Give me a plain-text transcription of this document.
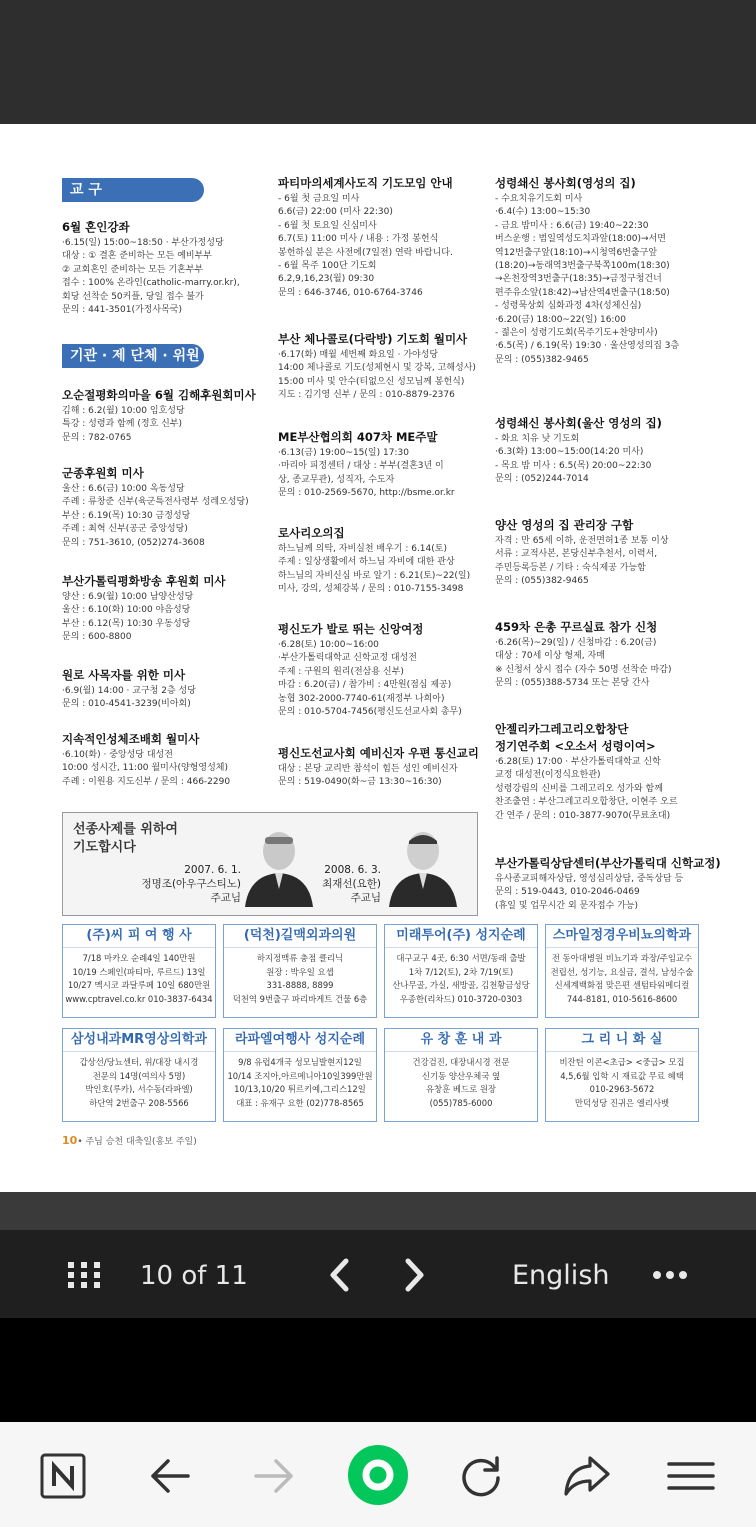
교 구
6월 혼인강좌

·6.15(일) 15:00~18:50 · 부산가정성당

대상 : ① 결혼 준비하는 모든 예비부부

② 교회혼인 준비하는 모든 기혼부부

접수 : 100% 온라인(catholic-marry.or.kr),

회당 선착순 50커플, 당일 접수 불가

문의 : 441-3501(가정사목국)

기관 · 제 단체 · 위원회
오순절평화의마을 6월 김해후원회미사

김해 : 6.2(월) 10:00 임호성당

특강 : 성령과 함께 (정호 신부)

문의 : 782-0765

군종후원회 미사

울산 : 6.6(금) 10:00 옥동성당

주례 : 류창준 신부(육군특전사령부 성레오성당)

부산 : 6.19(목) 10:30 금정성당

주례 : 최혁 신부(공군 중앙성당)

문의 : 751-3610, (052)274-3608

부산가톨릭평화방송 후원회 미사

양산 : 6.9(월) 10:00 남양산성당

울산 : 6.10(화) 10:00 야음성당

부산 : 6.12(목) 10:30 우동성당

문의 : 600-8800

원로 사목자를 위한 미사

·6.9(월) 14:00 · 교구청 2층 성당

문의 : 010-4541-3239(비아회)

지속적인성체조배회 월미사

·6.10(화) · 중앙성당 대성전

10:00 성시간, 11:00 월미사(양형영성체)

주례 : 이원용 지도신부 / 문의 : 466-2290

파티마의세계사도직 기도모임 안내

- 6월 첫 금요일 미사

6.6(금) 22:00 (미사 22:30)

- 6월 첫 토요일 신심미사

6.7(토) 11:00 미사 / 내용 : 가정 봉헌식

봉헌하실 분은 사전에(7일전) 연락 바랍니다.

- 6월 목주 100단 기도회

6.2,9,16,23(월) 09:30

문의 : 646-3746, 010-6764-3746

부산 체나콜로(다락방) 기도회 월미사

·6.17(화) 매월 세번째 화요일 · 가야성당

14:00 체나콜로 기도(성체현시 및 강복, 고해성사)

15:00 미사 및 안수(티없으신 성모님께 봉헌식)

지도 : 김기영 신부 / 문의 : 010-8879-2376

ME부산협의회 407차 ME주말

·6.13(금) 19:00~15(일) 17:30

·마리아 피정센터 / 대상 : 부부(결혼3년 이

상, 종교무관), 성직자, 수도자

문의 : 010-2569-5670, http://bsme.or.kr

로사리오의집

하느님께 의탁, 자비실천 배우기 : 6.14(토)

주제 : 일상생활에서 하느님 자비에 대한 관상

하느님의 자비신심 바로 알기 : 6.21(토)~22(일)

미사, 강의, 성체강복 / 문의 : 010-7155-3498

평신도가 발로 뛰는 신앙여정

·6.28(토) 10:00~16:00

·부산가톨릭대학교 신학교정 대성전

주제 : 구원의 원리(전삼용 신부)

마감 : 6.20(금) / 참가비 : 4만원(점심 제공)

농협 302-2000-7740-61(재정부 나희아)

문의 : 010-5704-7456(평신도선교사회 총무)

평신도선교사회 예비신자 우편 통신교리

대상 : 본당 교리반 참석이 힘든 성인 예비신자

문의 : 519-0490(화~금 13:30~16:30)

성령쇄신 봉사회(영성의 집)

- 수요치유기도회 미사

·6.4(수) 13:00~15:30

- 금요 밤미사 : 6.6(금) 19:40~22:30

버스운행 : 범일역성도치과앞(18:00)→서면

역12번출구앞(18:10)→시청역6번출구앞

(18:20)→동래역3번출구북쪽100m(18:30)

→온천장역3번출구(18:35)→금정구청건너

편주유소앞(18:42)→남산역4번출구(18:50)

- 성령묵상회 심화과정 4차(성체신심)

·6.20(금) 18:00~22(일) 16:00

- 젊은이 성령기도회(목주기도+찬양미사)

·6.5(목) / 6.19(목) 19:30 · 울산영성의집 3층

문의 : (055)382-9465

성령쇄신 봉사회(울산 영성의 집)

- 화요 치유 낮 기도회

·6.3(화) 13:00~15:00(14:20 미사)

- 목요 밤 미사 : 6.5(목) 20:00~22:30

문의 : (052)244-7014

양산 영성의 집 관리장 구함

자격 : 만 65세 이하, 운전면허1종 보통 이상

서류 : 교적사본, 본당신부추천서, 이력서,

주민등록등본 / 기타 : 숙식제공 가능함

문의 : (055)382-9465

459차 은총 꾸르실료 참가 신청

·6.26(목)~29(일) / 신청마감 : 6.20(금)

대상 : 70세 이상 형제, 자매

※ 신청서 상시 접수 (자수 50명 선착순 마감)

문의 : (055)388-5734 또는 본당 간사

안젤리카그레고리오합창단
정기연주회 <오소서 성령이여>

·6.28(토) 17:00 · 부산가톨릭대학교 신학

교정 대성전(이정식요한관)

성령강림의 신비를 그레고리오 성가와 함께

찬조출연 : 부산그레고리오합창단, 이현주 오르

간 연주 / 문의 : 010-3877-9070(무료초대)

부산가톨릭상담센터(부산가톨릭대 신학교정)

유사종교피해자상담, 영성심리상담, 중독상담 등

문의 : 519-0443, 010-2046-0469

(휴일 및 업무시간 외 문자접수 가능)

선종사제를 위하여
기도합시다
2007. 6. 1.
정명조(아우구스티노)
주교님
2008. 6. 3.
최재선(요한)
주교님
(주)씨 피 여 행 사
7/18 마카오 순례4일 140만원
10/19 스페인(파티마, 루르드) 13일
10/27 멕시코 과달루페 10일 680만원
www.cptravel.co.kr 010-3837-6434
(덕천)길맥외과의원
하지정맥류 충점 클리닉
원장 : 박우일 요셉
331-8888, 8899
덕천역 9번출구 파리바게트 건물 6층
미래투어(주) 성지순례
대구교구 4곳, 6:30 서면/동래 출발
1차 7/12(토), 2차 7/19(토)
산나무골, 가실, 새방골, 김천황금성당
우종한(리차드) 010-3720-0303
스마일정경우비뇨의학과
전 동아대병원 비뇨기과 과장/주임교수
전립선, 성기능, 요실금, 결석, 남성수술
신세계백화점 맞은편 센텀타워메디컬
744-8181, 010-5616-8600
삼성내과MR영상의학과
갑상선/당뇨센터, 위/대장 내시경
전문의 14명(여의사 5명)
박인호(루카), 서수동(라파엘)
하단역 2번출구 208-5566
라파엘여행사 성지순례
9/8 유럽4개국 성모님발현지12일
10/14 조지아,아르메니아10일399만원
10/13,10/20 튀르키예,그리스12일
대표 : 유재구 요한 (02)778-8565
유 창 훈 내 과
건강검진, 대장내시경 전문
신기동 양산우체국 옆
유창훈 베드로 원장
(055)785-6000
그 리 니 화 실
비잔틴 이콘<초급> <중급> 모집
4,5,6월 입학 시 재료값 무료 혜택
010-2963-5672
만덕성당 진귀은 엘리사벳
10• 주님 승천 대축일(홍보 주일)
10 of 11	English
